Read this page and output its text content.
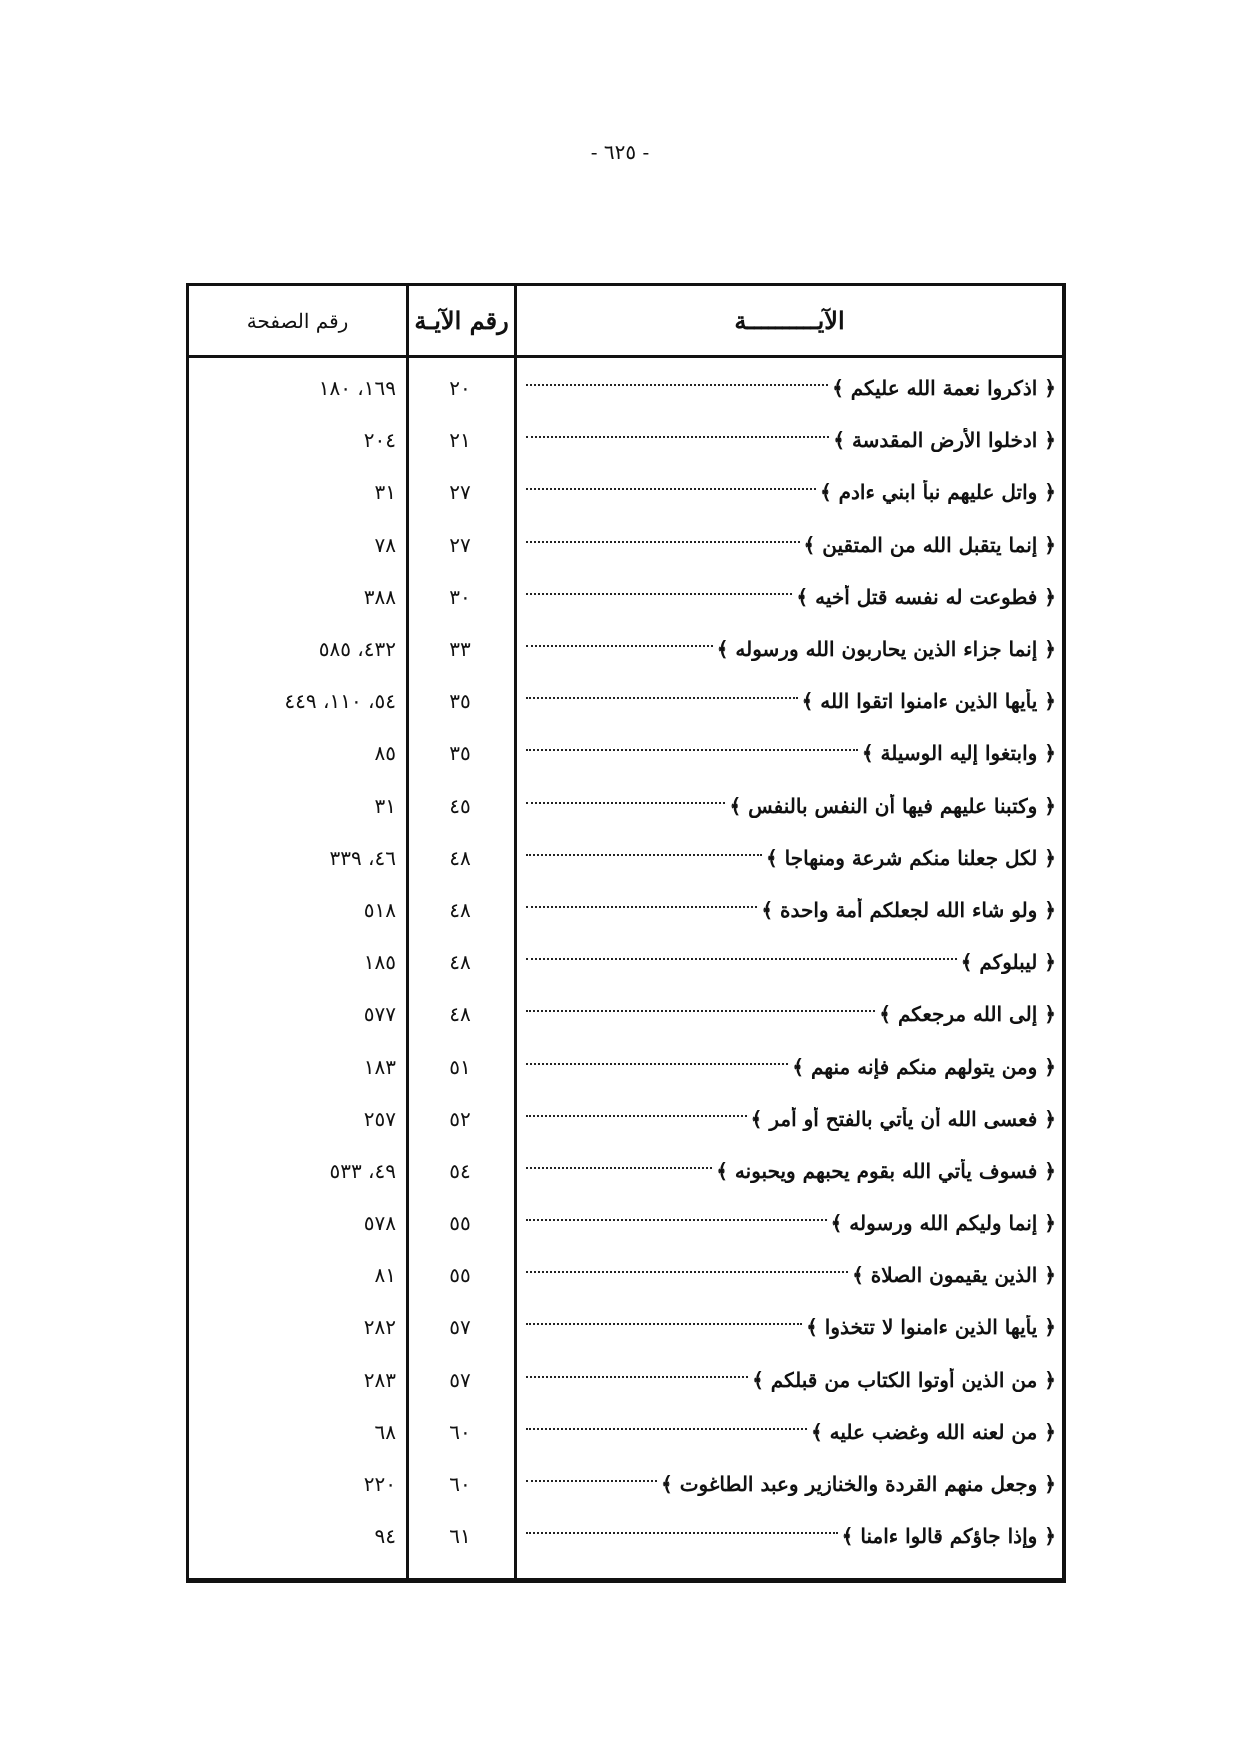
- ٦٢٥ -
الآيــــــــــة
رقم الآيـة
رقم الصفحة
﴿ اذكروا نعمة الله عليكم ﴾
٢٠
١٦٩، ١٨٠
﴿ ادخلوا الأرض المقدسة ﴾
٢١
٢٠٤
﴿ واتل عليهم نبأ ابني ءادم ﴾
٢٧
٣١
﴿ إنما يتقبل الله من المتقين ﴾
٢٧
٧٨
﴿ فطوعت له نفسه قتل أخيه ﴾
٣٠
٣٨٨
﴿ إنما جزاء الذين يحاربون الله ورسوله ﴾
٣٣
٤٣٢، ٥٨٥
﴿ يأيها الذين ءامنوا اتقوا الله ﴾
٣٥
٥٤، ١١٠، ٤٤٩
﴿ وابتغوا إليه الوسيلة ﴾
٣٥
٨٥
﴿ وكتبنا عليهم فيها أن النفس بالنفس ﴾
٤٥
٣١
﴿ لكل جعلنا منكم شرعة ومنهاجا ﴾
٤٨
٤٦، ٣٣٩
﴿ ولو شاء الله لجعلكم أمة واحدة ﴾
٤٨
٥١٨
﴿ ليبلوكم ﴾
٤٨
١٨٥
﴿ إلى الله مرجعكم ﴾
٤٨
٥٧٧
﴿ ومن يتولهم منكم فإنه منهم ﴾
٥١
١٨٣
﴿ فعسى الله أن يأتي بالفتح أو أمر ﴾
٥٢
٢٥٧
﴿ فسوف يأتي الله بقوم يحبهم ويحبونه ﴾
٥٤
٤٩، ٥٣٣
﴿ إنما وليكم الله ورسوله ﴾
٥٥
٥٧٨
﴿ الذين يقيمون الصلاة ﴾
٥٥
٨١
﴿ يأيها الذين ءامنوا لا تتخذوا ﴾
٥٧
٢٨٢
﴿ من الذين أوتوا الكتاب من قبلكم ﴾
٥٧
٢٨٣
﴿ من لعنه الله وغضب عليه ﴾
٦٠
٦٨
﴿ وجعل منهم القردة والخنازير وعبد الطاغوت ﴾
٦٠
٢٢٠
﴿ وإذا جاؤكم قالوا ءامنا ﴾
٦١
٩٤
